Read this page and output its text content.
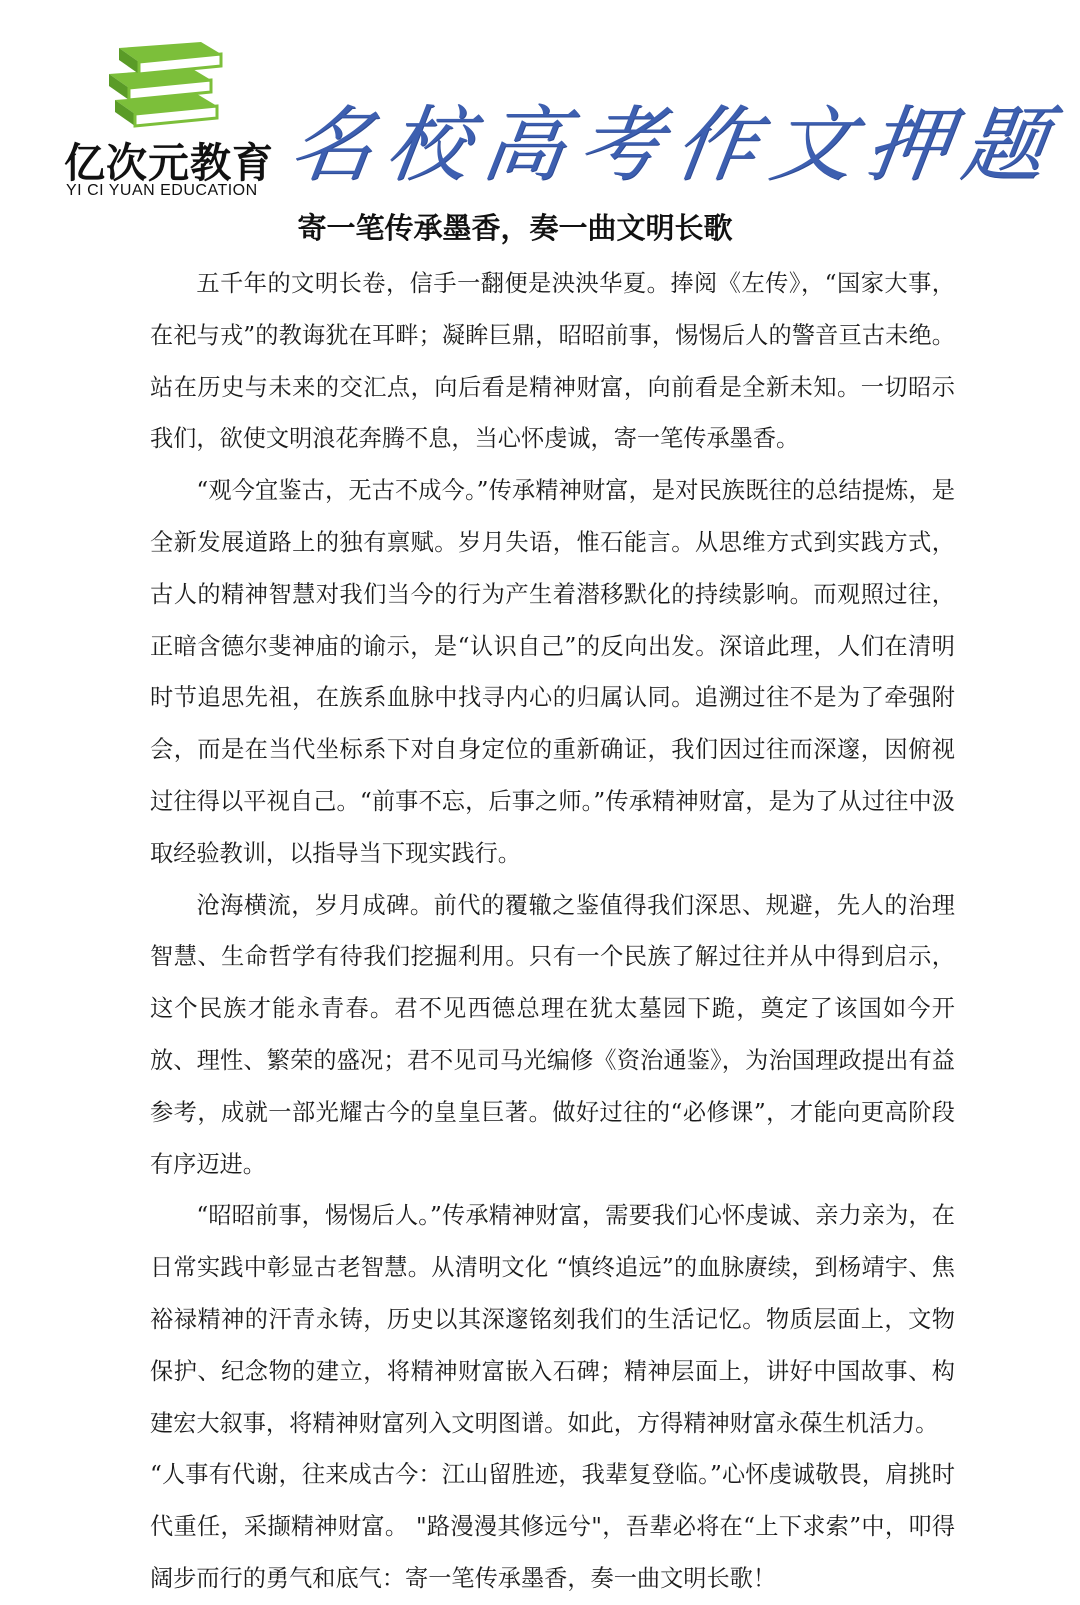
亿次元教育
YI CI YUAN EDUCATION 名校高考作文押题
寄一笔传承墨香，奏一曲文明长歌

五千年的文明长卷，信手一翻便是泱泱华夏。捧阅《左传》，“国家大事，在祀与戎”的教诲犹在耳畔；凝眸巨鼎，昭昭前事，惕惕后人的警音亘古未绝。站在历史与未来的交汇点，向后看是精神财富，向前看是全新未知。一切昭示我们，欲使文明浪花奔腾不息，当心怀虔诚，寄一笔传承墨香。

“观今宜鉴古，无古不成今。”传承精神财富，是对民族既往的总结提炼，是全新发展道路上的独有禀赋。岁月失语，惟石能言。从思维方式到实践方式，古人的精神智慧对我们当今的行为产生着潜移默化的持续影响。而观照过往，正暗含德尔斐神庙的谕示，是“认识自己”的反向出发。深谙此理，人们在清明时节追思先祖，在族系血脉中找寻内心的归属认同。追溯过往不是为了牵强附会，而是在当代坐标系下对自身定位的重新确证，我们因过往而深邃，因俯视过往得以平视自己。“前事不忘，后事之师。”传承精神财富，是为了从过往中汲取经验教训，以指导当下现实践行。

沧海横流，岁月成碑。前代的覆辙之鉴值得我们深思、规避，先人的治理智慧、生命哲学有待我们挖掘利用。只有一个民族了解过往并从中得到启示，这个民族才能永青春。君不见西德总理在犹太墓园下跪，奠定了该国如今开放、理性、繁荣的盛况；君不见司马光编修《资治通鉴》，为治国理政提出有益参考，成就一部光耀古今的皇皇巨著。做好过往的“必修课”，才能向更高阶段有序迈进。

“昭昭前事，惕惕后人。”传承精神财富，需要我们心怀虔诚、亲力亲为，在日常实践中彰显古老智慧。从清明文化 “慎终追远”的血脉赓续，到杨靖宇、焦裕禄精神的汗青永铸，历史以其深邃铭刻我们的生活记忆。物质层面上，文物保护、纪念物的建立，将精神财富嵌入石碑；精神层面上，讲好中国故事、构建宏大叙事，将精神财富列入文明图谱。如此，方得精神财富永葆生机活力。

“人事有代谢，往来成古今：江山留胜迹，我辈复登临。”心怀虔诚敬畏，肩挑时代重任，采撷精神财富。 "路漫漫其修远兮"，吾辈必将在“上下求索”中，叩得阔步而行的勇气和底气：寄一笔传承墨香，奏一曲文明长歌！
